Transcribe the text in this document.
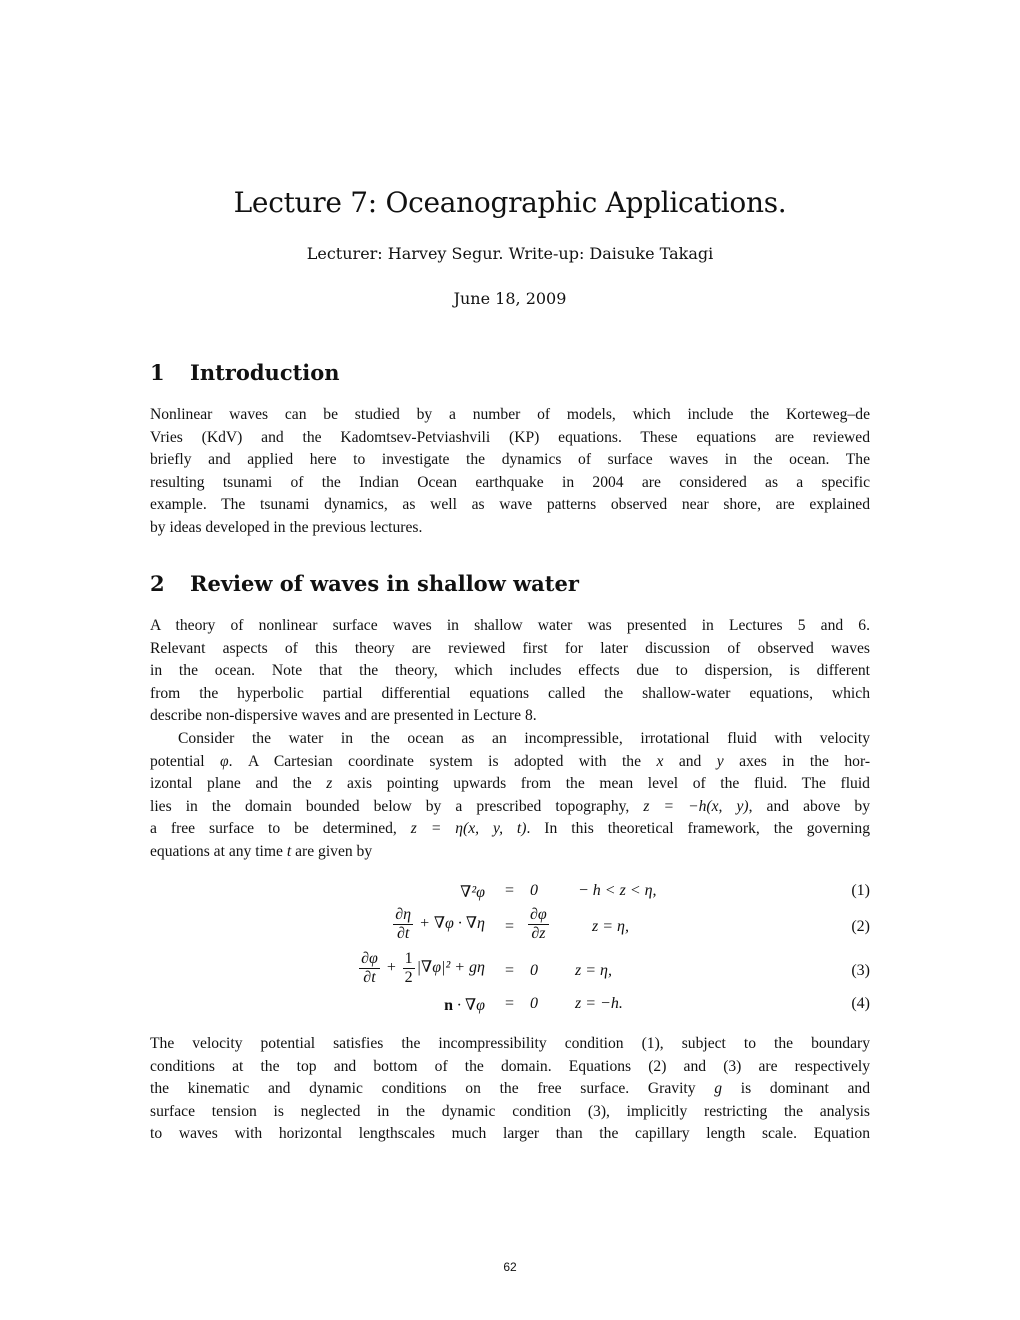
Lecture 7: Oceanographic Applications.
Lecturer: Harvey Segur. Write-up: Daisuke Takagi
June 18, 2009
1 Introduction
Nonlinear waves can be studied by a number of models, which include the Korteweg–de
Vries (KdV) and the Kadomtsev-Petviashvili (KP) equations. These equations are reviewed
briefly and applied here to investigate the dynamics of surface waves in the ocean. The
resulting tsunami of the Indian Ocean earthquake in 2004 are considered as a specific
example. The tsunami dynamics, as well as wave patterns observed near shore, are explained
by ideas developed in the previous lectures.
2 Review of waves in shallow water
A theory of nonlinear surface waves in shallow water was presented in Lectures 5 and 6.
Relevant aspects of this theory are reviewed first for later discussion of observed waves
in the ocean. Note that the theory, which includes effects due to dispersion, is different
from the hyperbolic partial differential equations called the shallow-water equations, which
describe non-dispersive waves and are presented in Lecture 8.
Consider the water in the ocean as an incompressible, irrotational fluid with velocity
potential φ. A Cartesian coordinate system is adopted with the x and y axes in the hor-
izontal plane and the z axis pointing upwards from the mean level of the fluid. The fluid
lies in the domain bounded below by a prescribed topography, z = −h(x, y), and above by
a free surface to be determined, z = η(x, y, t). In this theoretical framework, the governing
equations at any time t are given by
∇²φ = 0	− h < z < η,	(1)
$\frac{\partial\eta}{\partial t} + \nabla\varphi \cdot \nabla\eta = \frac{\partial\varphi}{\partial z}$	z = η,	(2)
$\frac{\partial\varphi}{\partial t} + \frac{1}{2} |\nabla\varphi|^2 + g\eta = 0$ z = η,	(3)
n · ∇φ = 0 z = −h.	(4)
The velocity potential satisfies the incompressibility condition (1), subject to the boundary
conditions at the top and bottom of the domain. Equations (2) and (3) are respectively
the kinematic and dynamic conditions on the free surface. Gravity g is dominant and
surface tension is neglected in the dynamic condition (3), implicitly restricting the analysis
to waves with horizontal lengthscales much larger than the capillary length scale. Equation
62
